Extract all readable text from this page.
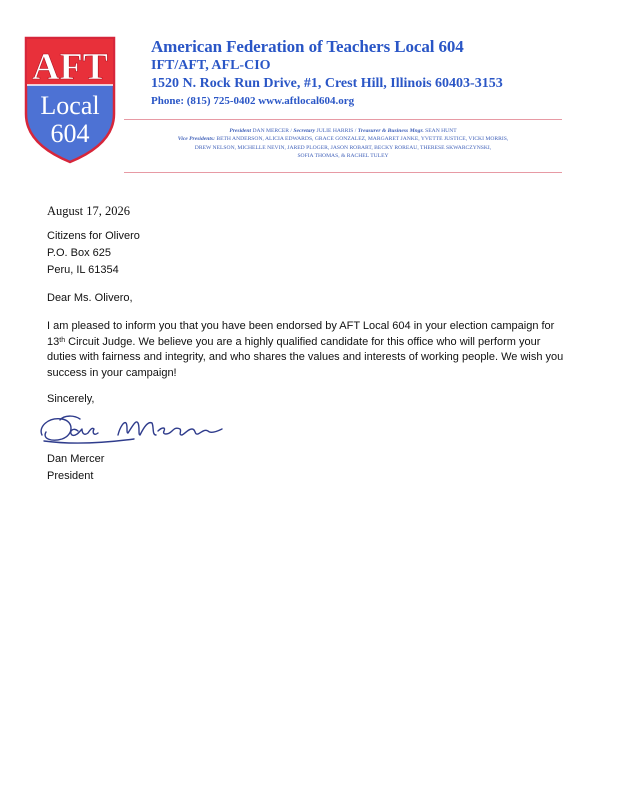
AFT
Local
604
American Federation of Teachers Local 604
IFT/AFT, AFL-CIO
1520 N. Rock Run Drive, #1, Crest Hill, Illinois 60403-3153
Phone: (815) 725-0402 www.aftlocal604.org
President DAN MERCER / Secretary JULIE HARRIS / Treasurer & Business Mngr. SEAN HUNT
Vice Presidents: BETH ANDERSON, ALICIA EDWARDS, GRACE GONZALEZ, MARGARET JANKE, YVETTE JUSTICE, VICKI MORRIS,
DREW NELSON, MICHELLE NEVIN, JARED PLOGER, JASON ROBART, BECKY ROREAU, THERESE SKWARCZYNSKI,
SOFIA THOMAS, & RACHEL TULEY
August 17, 2026
Citizens for Olivero
P.O. Box 625
Peru, IL 61354
Dear Ms. Olivero,
I am pleased to inform you that you have been endorsed by AFT Local 604 in your election campaign for 13th Circuit Judge. We believe you are a highly qualified candidate for this office who will perform your duties with fairness and integrity, and who shares the values and interests of working people. We wish you success in your campaign!
Sincerely,
Dan Mercer
President
